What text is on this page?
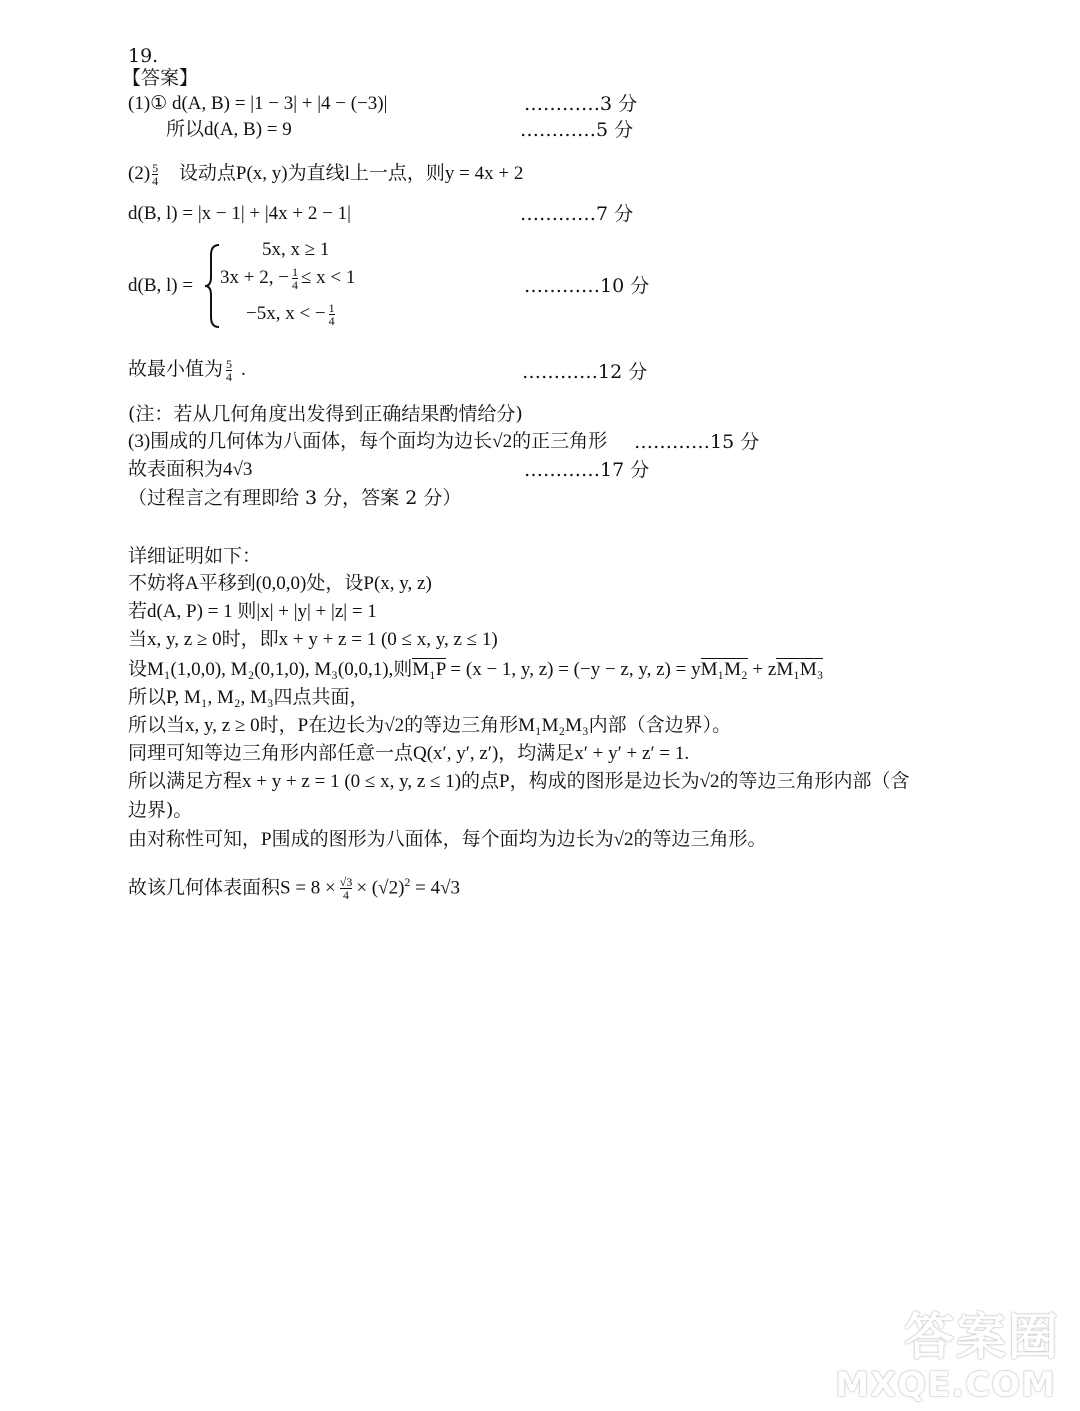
19.
【答案】
(1)① d(A, B) = |1 − 3| + |4 − (−3)|	…………3 分
所以d(A, B) = 9	…………5 分
$(2) \frac{5}{4}$ 设动点P(x, y)为直线l上一点，则y = 4x + 2
d(B, l) = |x − 1| + |4x + 2 − 1|	…………7 分
d(B, l) =
5x, x ≥ 1
3x + 2, − $\frac{1}{4} \le x < 1$
−5x, x < − $\frac{1}{4}$
…………10 分
故最小值为 $\frac{5}{4}$ .	…………12 分
(注：若从几何角度出发得到正确结果酌情给分)
(3)围成的几何体为八面体，每个面均为边长√2的正三角形 …………15 分
故表面积为4√3	…………17 分
（过程言之有理即给 3 分，答案 2 分）
详细证明如下：
不妨将A平移到(0,0,0)处，设P(x, y, z)
若d(A, P) = 1 则|x| + |y| + |z| = 1
当x, y, z ≥ 0时，即x + y + z = 1 (0 ≤ x, y, z ≤ 1)
设M₁(1,0,0), M₂(0,1,0), M₃(0,0,1),则M₁P = (x − 1, y, z) = (−y − z, y, z) = yM₁M₂ + zM₁M₃
所以P, M₁, M₂, M₃四点共面，
所以当x, y, z ≥ 0时，P在边长为√2的等边三角形M₁M₂M₃内部（含边界）。
同理可知等边三角形内部任意一点Q(x′, y′, z′)，均满足x′ + y′ + z′ = 1.
所以满足方程x + y + z = 1 (0 ≤ x, y, z ≤ 1)的点P，构成的图形是边长为√2的等边三角形内部（含
边界)。
由对称性可知，P围成的图形为八面体，每个面均为边长为√2的等边三角形。
故该几何体表面积$S = 8 \times \frac{√3}{4} \times (√2)^2 = 4√3$
答案圈
MXQE.COM
